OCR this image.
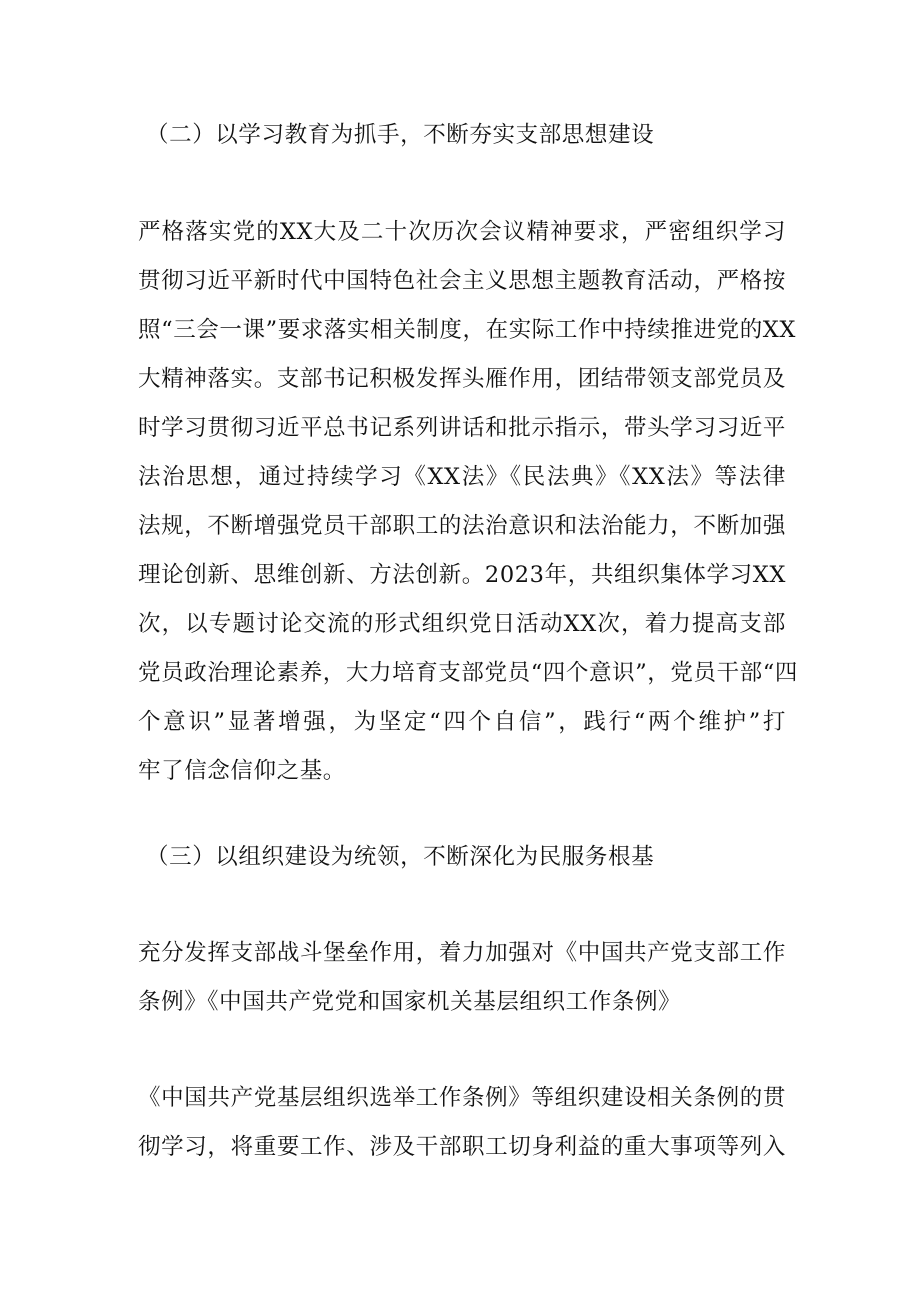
（二）以学习教育为抓手，不断夯实支部思想建设
严格落实党的XX大及二十次历次会议精神要求，严密组织学习
贯彻习近平新时代中国特色社会主义思想主题教育活动，严格按
照“三会一课”要求落实相关制度，在实际工作中持续推进党的XX
大精神落实。支部书记积极发挥头雁作用，团结带领支部党员及
时学习贯彻习近平总书记系列讲话和批示指示，带头学习习近平
法治思想，通过持续学习《XX法》《民法典》《XX法》等法律
法规，不断增强党员干部职工的法治意识和法治能力，不断加强
理论创新、思维创新、方法创新。2023年，共组织集体学习XX
次，以专题讨论交流的形式组织党日活动XX次，着力提高支部
党员政治理论素养，大力培育支部党员“四个意识”，党员干部“四
个意识”显著增强，为坚定“四个自信”，践行“两个维护”打
牢了信念信仰之基。
（三）以组织建设为统领，不断深化为民服务根基
充分发挥支部战斗堡垒作用，着力加强对《中国共产党支部工作
条例》《中国共产党党和国家机关基层组织工作条例》
《中国共产党基层组织选举工作条例》等组织建设相关条例的贯
彻学习，将重要工作、涉及干部职工切身利益的重大事项等列入
